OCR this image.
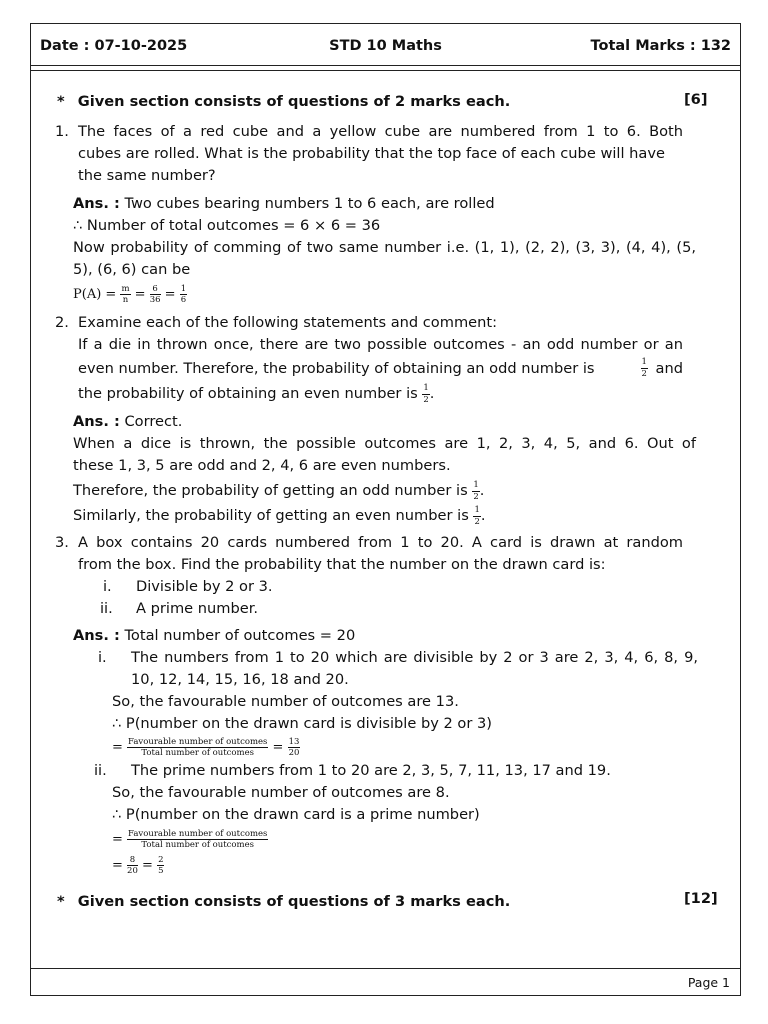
Date : 07-10-2025	STD 10 Maths	Total Marks : 132
* Given section consists of questions of 2 marks each.	[6]
1. The faces of a red cube and a yellow cube are numbered from 1 to 6. Both
cubes are rolled. What is the probability that the top face of each cube will have
the same number?
Ans. : Two cubes bearing numbers 1 to 6 each, are rolled
∴ Number of total outcomes = 6 × 6 = 36
Now probability of comming of two same number i.e. (1, 1), (2, 2), (3, 3), (4, 4), (5,
5), (6, 6) can be
$P(A) = \frac{m}{n} = \frac{6}{36} = \frac{1}{6}$
2. Examine each of the following statements and comment:
If a die in thrown once, there are two possible outcomes - an odd number or an
even number. Therefore, the probability of obtaining an odd number is	$\frac{1}{2}$ and
the probability of obtaining an even number is $\frac{1}{2}$ .
Ans. : Correct.
When a dice is thrown, the possible outcomes are 1, 2, 3, 4, 5, and 6. Out of
these 1, 3, 5 are odd and 2, 4, 6 are even numbers.
Therefore, the probability of getting an odd number is $\frac{1}{2}$ .
Similarly, the probability of getting an even number is $\frac{1}{2}$ .
3. A box contains 20 cards numbered from 1 to 20. A card is drawn at random
from the box. Find the probability that the number on the drawn card is:
i. Divisible by 2 or 3.
ii. A prime number.
Ans. : Total number of outcomes = 20
i. The numbers from 1 to 20 which are divisible by 2 or 3 are 2, 3, 4, 6, 8, 9,
10, 12, 14, 15, 16, 18 and 20.
So, the favourable number of outcomes are 13.
∴ P(number on the drawn card is divisible by 2 or 3)
= $\frac{\text{Favourable number of outcomes}}{\text{Total number of outcomes}} = \frac{13}{20}$
ii. The prime numbers from 1 to 20 are 2, 3, 5, 7, 11, 13, 17 and 19.
So, the favourable number of outcomes are 8.
∴ P(number on the drawn card is a prime number)
= $\frac{\text{Favourable number of outcomes}}{\text{Total number of outcomes}}$
= $\frac{8}{20} = \frac{2}{5}$
* Given section consists of questions of 3 marks each.	[12]
Page 1
